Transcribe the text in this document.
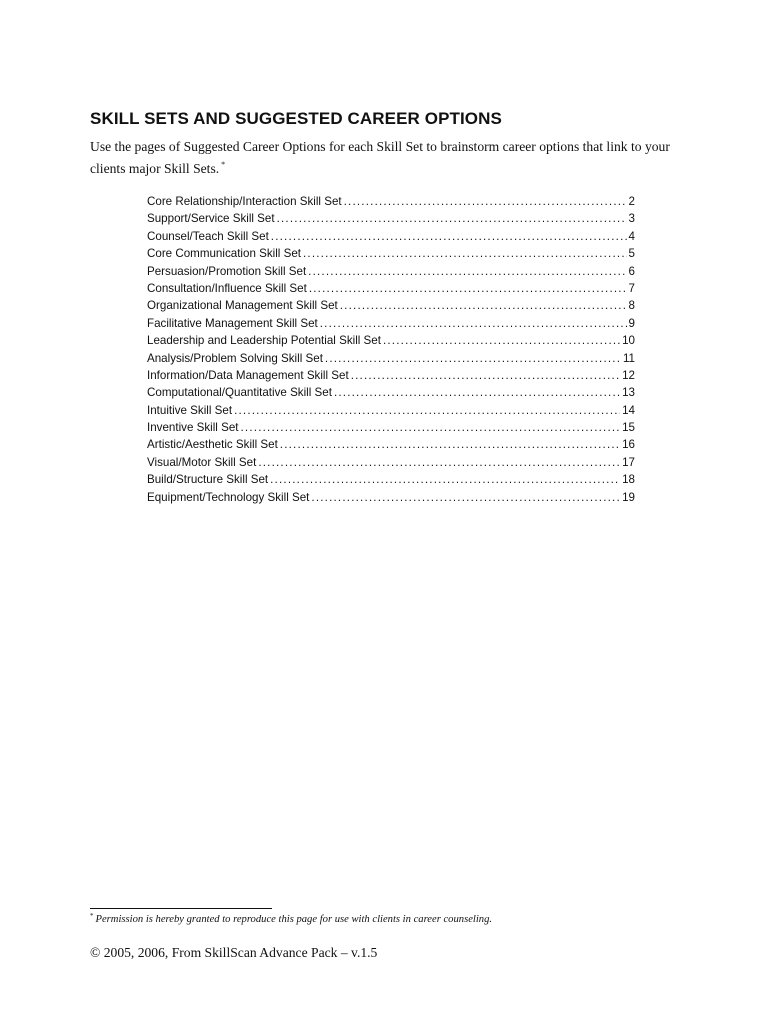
SKILL SETS AND SUGGESTED CAREER OPTIONS

Use the pages of Suggested Career Options for each Skill Set to brainstorm career options that link to your clients major Skill Sets. *

Core Relationship/Interaction Skill Set .....	2
Support/Service Skill Set .....	3
Counsel/Teach Skill Set .....	4
Core Communication Skill Set .....	5
Persuasion/Promotion Skill Set .....	6
Consultation/Influence Skill Set .....	7
Organizational Management Skill Set .....	8
Facilitative Management Skill Set .....	9
Leadership and Leadership Potential Skill Set .....	10
Analysis/Problem Solving Skill Set .....	11
Information/Data Management Skill Set .....	12
Computational/Quantitative Skill Set .....	13
Intuitive Skill Set .....	14
Inventive Skill Set .....	15
Artistic/Aesthetic Skill Set .....	16
Visual/Motor Skill Set .....	17
Build/Structure Skill Set .....	18
Equipment/Technology Skill Set .....	19

* Permission is hereby granted to reproduce this page for use with clients in career counseling.

© 2005, 2006, From SkillScan Advance Pack – v.1.5
